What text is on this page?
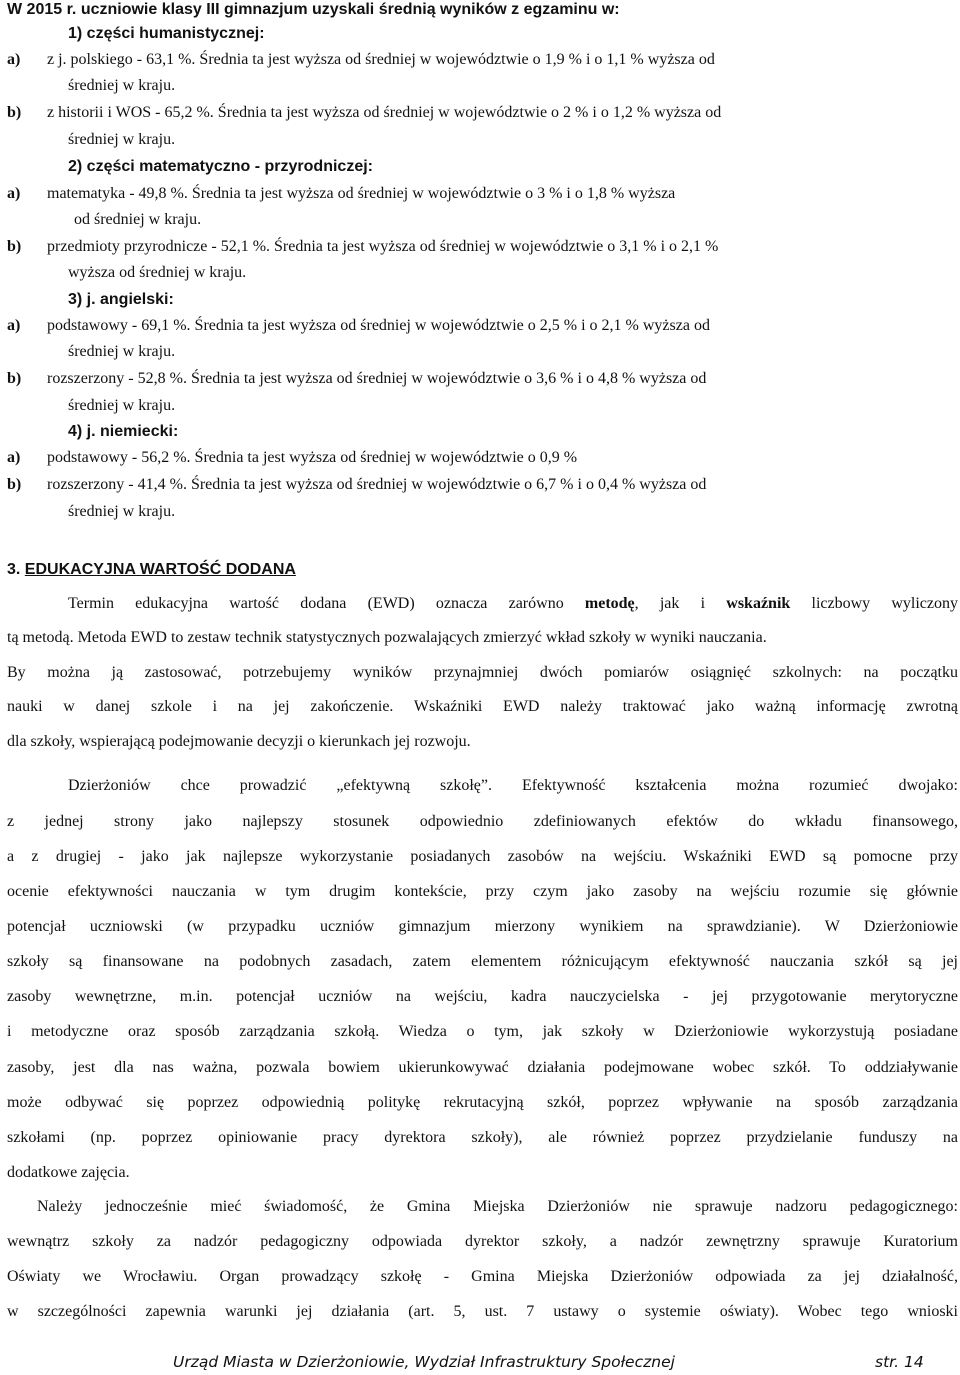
W 2015 r. uczniowie klasy III gimnazjum uzyskali średnią wyników z egzaminu w:
1) części humanistycznej:
a) z j. polskiego - 63,1 %. Średnia ta jest wyższa od średniej w województwie o 1,9 % i o 1,1 % wyższa od
średniej w kraju.
b) z historii i WOS - 65,2 %. Średnia ta jest wyższa od średniej w województwie o 2 % i o 1,2 % wyższa od
średniej w kraju.
2) części matematyczno - przyrodniczej:
a) matematyka - 49,8 %. Średnia ta jest wyższa od średniej w województwie o 3 % i o 1,8 % wyższa
od średniej w kraju.
b) przedmioty przyrodnicze - 52,1 %. Średnia ta jest wyższa od średniej w województwie o 3,1 % i o 2,1 %
wyższa od średniej w kraju.
3) j. angielski:
a) podstawowy - 69,1 %. Średnia ta jest wyższa od średniej w województwie o 2,5 % i o 2,1 % wyższa od
średniej w kraju.
b) rozszerzony - 52,8 %. Średnia ta jest wyższa od średniej w województwie o 3,6 % i o 4,8 % wyższa od
średniej w kraju.
4) j. niemiecki:
a) podstawowy - 56,2 %. Średnia ta jest wyższa od średniej w województwie o 0,9 %
b) rozszerzony - 41,4 %. Średnia ta jest wyższa od średniej w województwie o 6,7 % i o 0,4 % wyższa od
średniej w kraju.
3. EDUKACYJNA WARTOŚĆ DODANA
Termin edukacyjna wartość dodana (EWD) oznacza zarówno metodę, jak i wskaźnik liczbowy wyliczony
tą metodą. Metoda EWD to zestaw technik statystycznych pozwalających zmierzyć wkład szkoły w wyniki nauczania.
By można ją zastosować, potrzebujemy wyników przynajmniej dwóch pomiarów osiągnięć szkolnych: na początku
nauki w danej szkole i na jej zakończenie. Wskaźniki EWD należy traktować jako ważną informację zwrotną
dla szkoły, wspierającą podejmowanie decyzji o kierunkach jej rozwoju.
Dzierżoniów chce prowadzić „efektywną szkołę”. Efektywność kształcenia można rozumieć dwojako:
z jednej strony jako najlepszy stosunek odpowiednio zdefiniowanych efektów do wkładu finansowego,
a z drugiej - jako jak najlepsze wykorzystanie posiadanych zasobów na wejściu. Wskaźniki EWD są pomocne przy
ocenie efektywności nauczania w tym drugim kontekście, przy czym jako zasoby na wejściu rozumie się głównie
potencjał uczniowski (w przypadku uczniów gimnazjum mierzony wynikiem na sprawdzianie). W Dzierżoniowie
szkoły są finansowane na podobnych zasadach, zatem elementem różnicującym efektywność nauczania szkół są jej
zasoby wewnętrzne, m.in. potencjał uczniów na wejściu, kadra nauczycielska - jej przygotowanie merytoryczne
i metodyczne oraz sposób zarządzania szkołą. Wiedza o tym, jak szkoły w Dzierżoniowie wykorzystują posiadane
zasoby, jest dla nas ważna, pozwala bowiem ukierunkowywać działania podejmowane wobec szkół. To oddziaływanie
może odbywać się poprzez odpowiednią politykę rekrutacyjną szkół, poprzez wpływanie na sposób zarządzania
szkołami (np. poprzez opiniowanie pracy dyrektora szkoły), ale również poprzez przydzielanie funduszy na
dodatkowe zajęcia.
Należy jednocześnie mieć świadomość, że Gmina Miejska Dzierżoniów nie sprawuje nadzoru pedagogicznego:
wewnątrz szkoły za nadzór pedagogiczny odpowiada dyrektor szkoły, a nadzór zewnętrzny sprawuje Kuratorium
Oświaty we Wrocławiu. Organ prowadzący szkołę - Gmina Miejska Dzierżoniów odpowiada za jej działalność,
w szczególności zapewnia warunki jej działania (art. 5, ust. 7 ustawy o systemie oświaty). Wobec tego wnioski
Urząd Miasta w Dzierżoniowie, Wydział Infrastruktury Społecznej	str. 14
